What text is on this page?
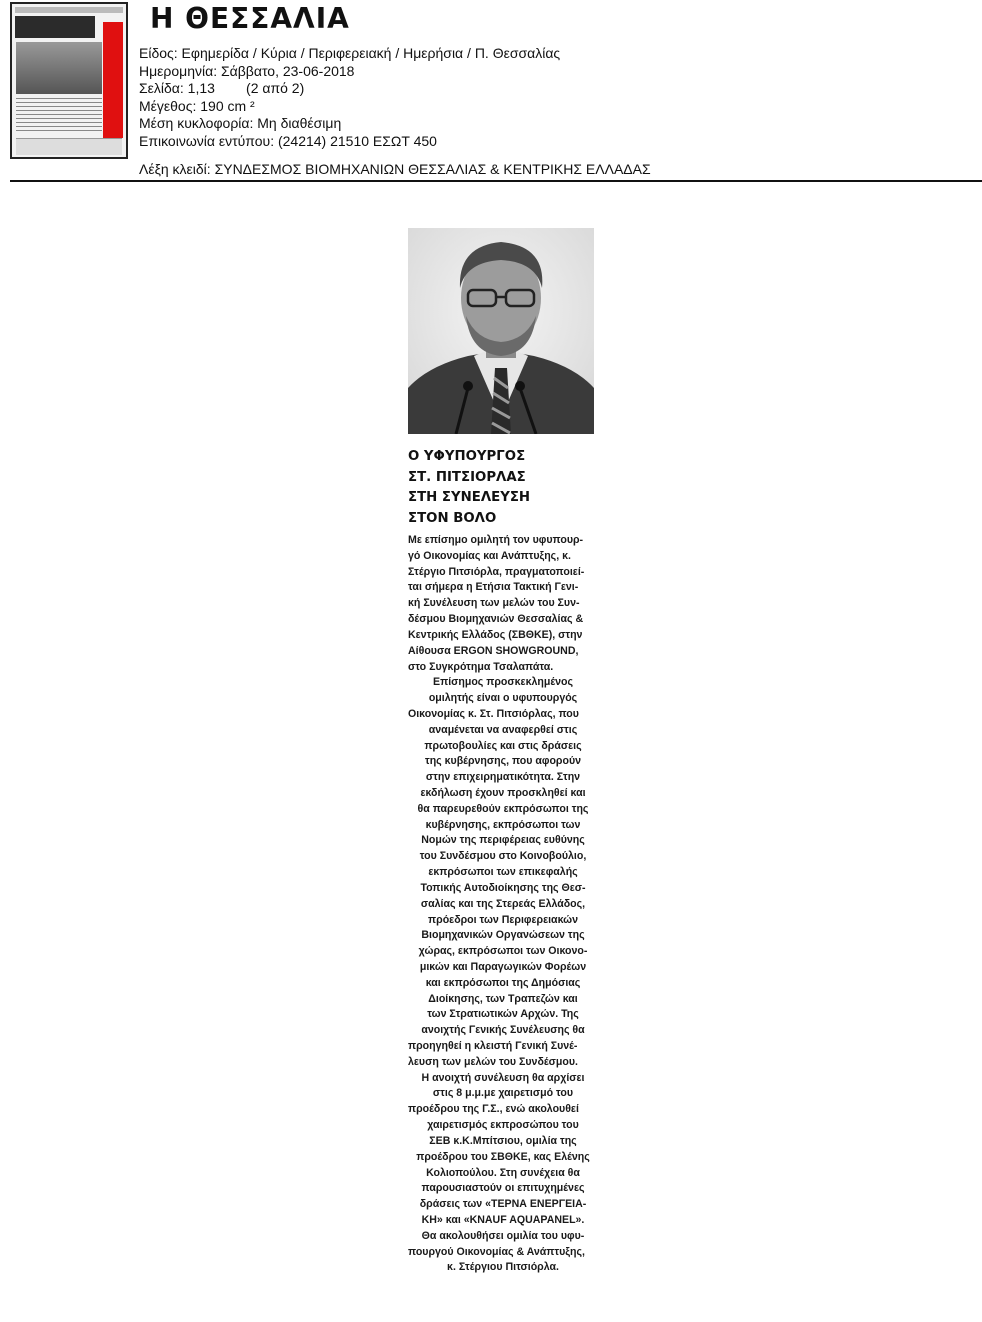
Η ΘΕΣΣΑΛΙΑ
Είδος: Εφημερίδα / Κύρια / Περιφερειακή / Ημερήσια / Π. Θεσσαλίας
Ημερομηνία: Σάββατο, 23-06-2018
Σελίδα: 1,13        (2 από 2)
Μέγεθος: 190 cm ²
Μέση κυκλοφορία: Μη διαθέσιμη
Επικοινωνία εντύπου: (24214) 21510 ΕΣΩΤ 450
Λέξη κλειδί: ΣΥΝΔΕΣΜΟΣ ΒΙΟΜΗΧΑΝΙΩΝ ΘΕΣΣΑΛΙΑΣ & ΚΕΝΤΡΙΚΗΣ ΕΛΛΑΔΑΣ
Ο ΥΦΥΠΟΥΡΓΟΣ
ΣΤ. ΠΙΤΣΙΟΡΛΑΣ
ΣΤΗ ΣΥΝΕΛΕΥΣΗ
ΣΤΟΝ ΒΟΛΟ
Με επίσημο ομιλητή τον υφυπουρ-
γό Οικονομίας και Ανάπτυξης, κ.
Στέργιο Πιτσιόρλα, πραγματοποιεί-
ται σήμερα η Ετήσια Τακτική Γενι-
κή Συνέλευση των μελών του Συν-
δέσμου Βιομηχανιών Θεσσαλίας &
Κεντρικής Ελλάδος (ΣΒΘΚΕ), στην
Αίθουσα ERGON SHOWGROUND,
στο Συγκρότημα Τσαλαπάτα.
Επίσημος προσκεκλημένος
ομιλητής είναι ο υφυπουργός
Οικονομίας κ. Στ. Πιτσιόρλας, που
αναμένεται να αναφερθεί στις
πρωτοβουλίες και στις δράσεις
της κυβέρνησης, που αφορούν
στην επιχειρηματικότητα. Στην
εκδήλωση έχουν προσκληθεί και
θα παρευρεθούν εκπρόσωποι της
κυβέρνησης, εκπρόσωποι των
Νομών της περιφέρειας ευθύνης
του Συνδέσμου στο Κοινοβούλιο,
εκπρόσωποι των επικεφαλής
Τοπικής Αυτοδιοίκησης της Θεσ-
σαλίας και της Στερεάς Ελλάδος,
πρόεδροι των Περιφερειακών
Βιομηχανικών Οργανώσεων της
χώρας, εκπρόσωποι των Οικονο-
μικών και Παραγωγικών Φορέων
και εκπρόσωποι της Δημόσιας
Διοίκησης, των Τραπεζών και
των Στρατιωτικών Αρχών. Της
ανοιχτής Γενικής Συνέλευσης θα
προηγηθεί η κλειστή Γενική Συνέ-
λευση των μελών του Συνδέσμου.
Η ανοιχτή συνέλευση θα αρχίσει
στις 8 μ.μ.με χαιρετισμό του
προέδρου της Γ.Σ., ενώ ακολουθεί
χαιρετισμός εκπροσώπου του
ΣΕΒ κ.Κ.Μπίτσιου, ομιλία της
προέδρου του ΣΒΘΚΕ, κας Ελένης
Κολιοπούλου. Στη συνέχεια θα
παρουσιαστούν οι επιτυχημένες
δράσεις των «ΤΕΡΝΑ ΕΝΕΡΓΕΙΑ-
ΚΗ» και «KNAUF AQUAPANEL».
Θα ακολουθήσει ομιλία του υφυ-
πουργού Οικονομίας & Ανάπτυξης,
κ. Στέργιου Πιτσιόρλα.
